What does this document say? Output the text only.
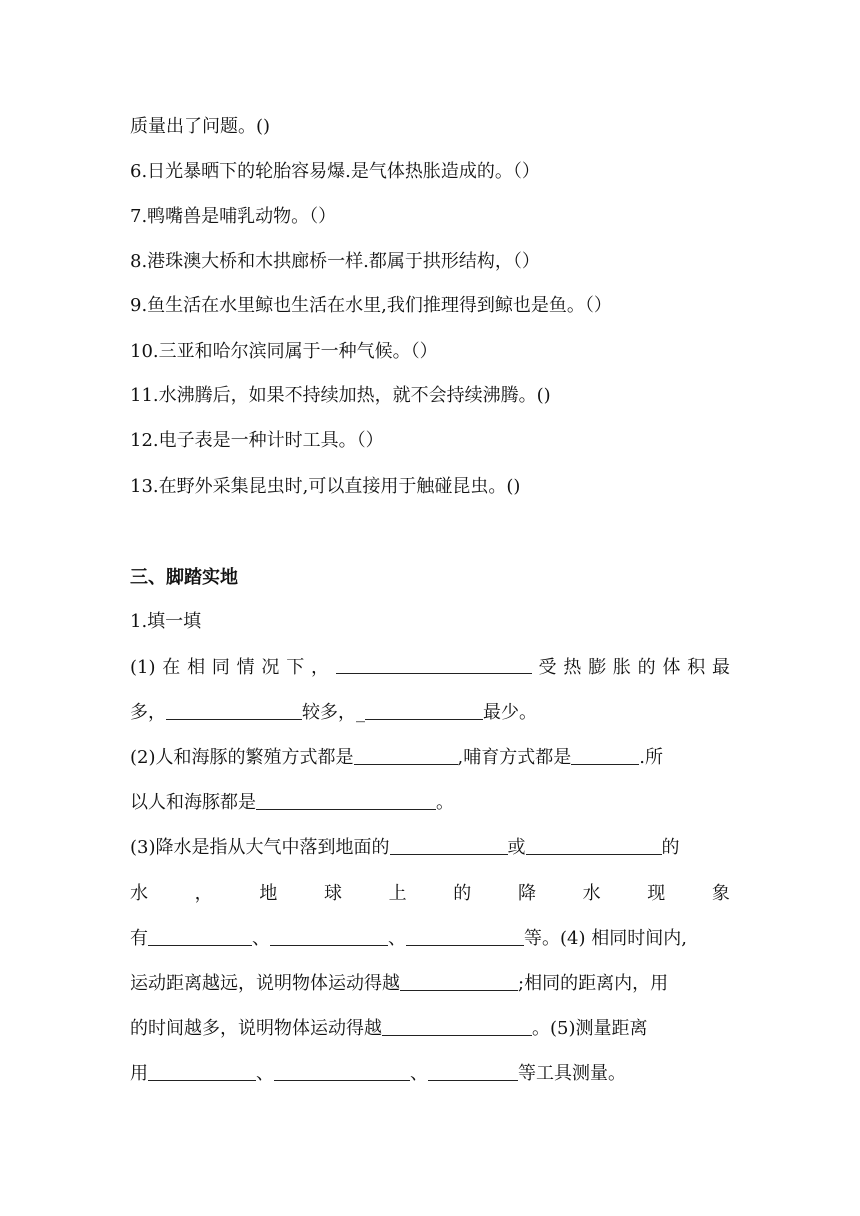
质量出了问题。()
6.日光暴晒下的轮胎容易爆.是气体热胀造成的。（）
7.鸭嘴兽是哺乳动物。（）
8.港珠澳大桥和木拱廊桥一样.都属于拱形结构，（）
9.鱼生活在水里鲸也生活在水里,我们推理得到鲸也是鱼。（）
10.三亚和哈尔滨同属于一种气候。（）
11.水沸腾后，如果不持续加热，就不会持续沸腾。()
12.电子表是一种计时工具。（）
13.在野外采集昆虫时,可以直接用于触碰昆虫。()
三、脚踏实地
1.填一填
(1) 在 相 同 情 况 下 ，	受 热 膨 胀 的 体 积 最
多，	较多，_	最少。
(2)人和海豚的繁殖方式都是	,哺育方式都是	.所
以人和海豚都是	。
(3)降水是指从大气中落到地面的	或	的
水	，	地	球	上	的	降	水	现	象
有	、	、	等。(4) 相同时间内,
运动距离越远，说明物体运动得越	;相同的距离内，用
的时间越多，说明物体运动得越	。(5)测量距离
用	、	、	等工具测量。
